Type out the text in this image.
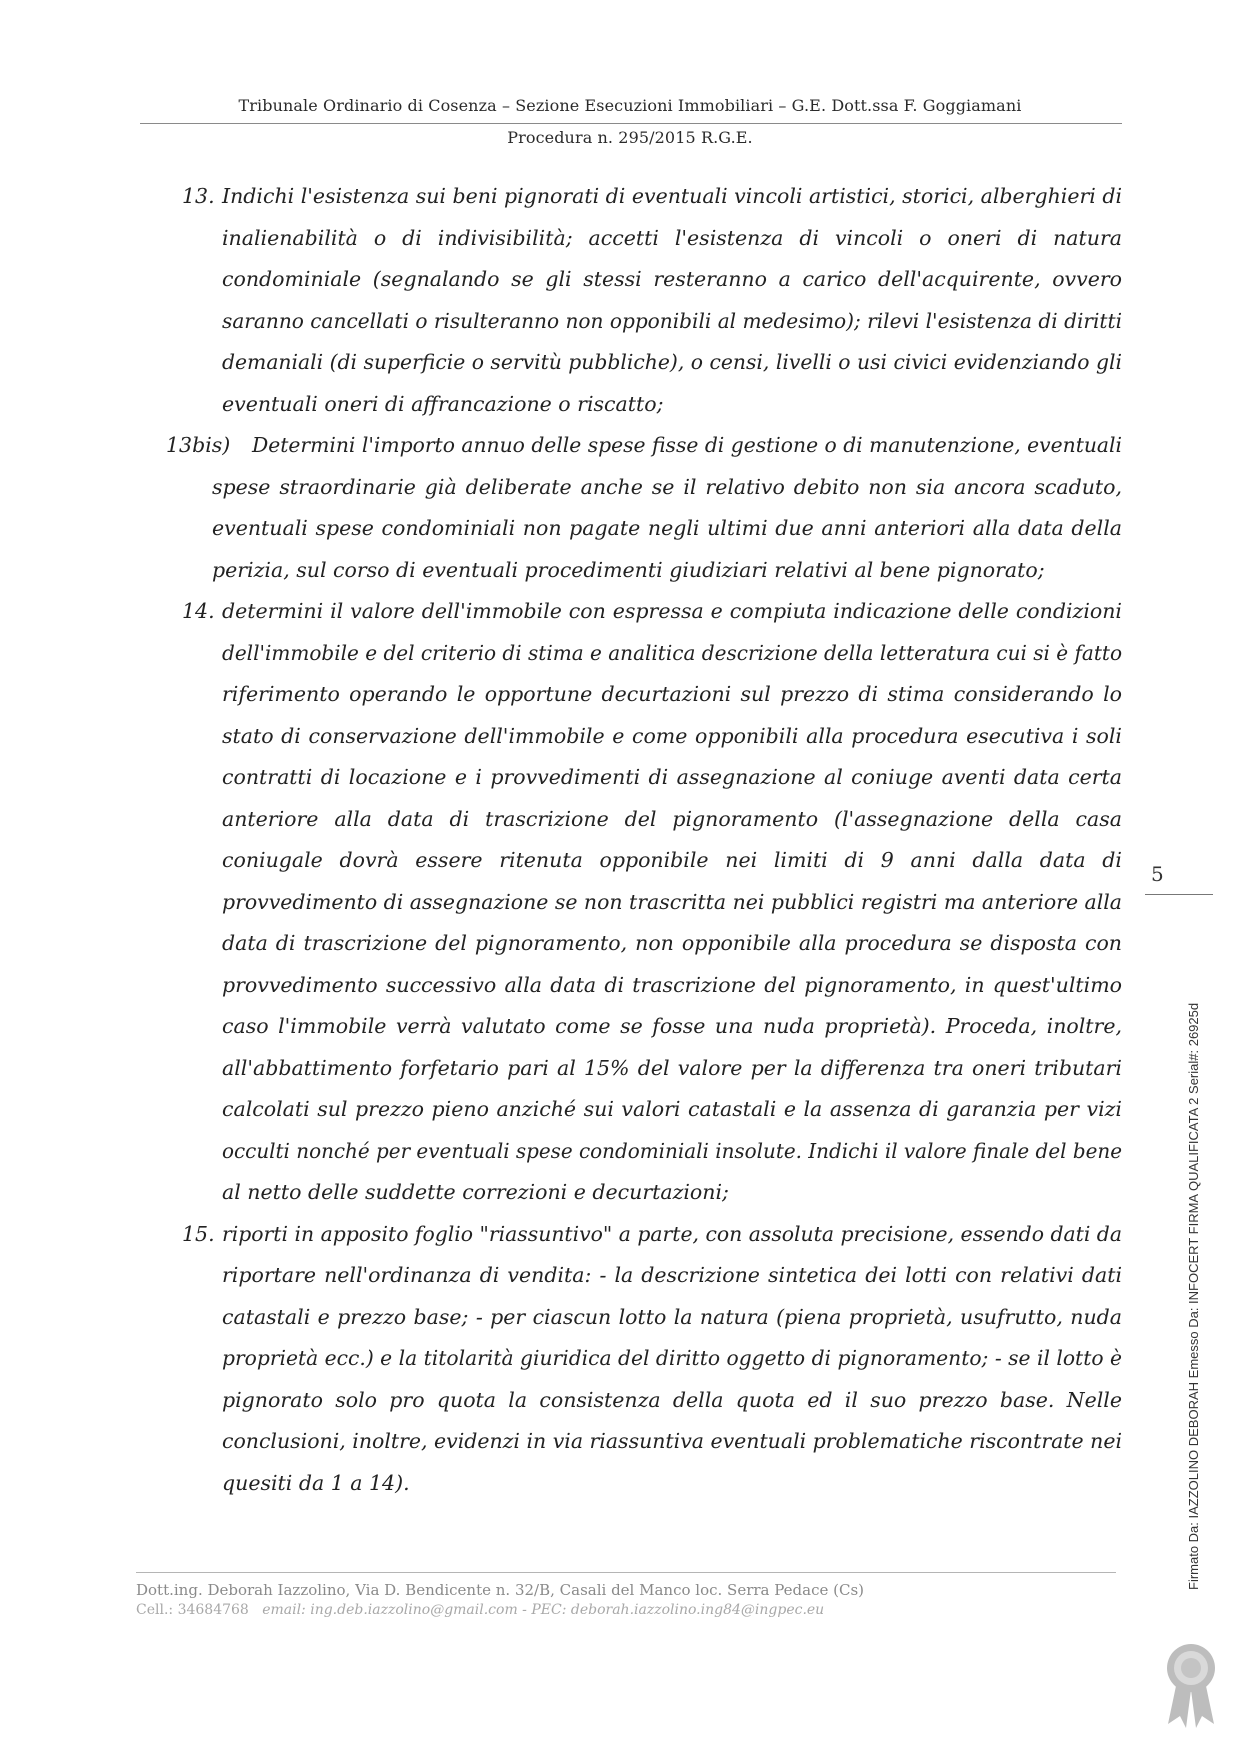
Tribunale Ordinario di Cosenza – Sezione Esecuzioni Immobiliari – G.E. Dott.ssa F. Goggiamani
Procedura n. 295/2015 R.G.E.
13. Indichi l'esistenza sui beni pignorati di eventuali vincoli artistici, storici, alberghieri di
inalienabilità o di indivisibilità; accetti l'esistenza di vincoli o oneri di natura
condominiale (segnalando se gli stessi resteranno a carico dell'acquirente, ovvero
saranno cancellati o risulteranno non opponibili al medesimo); rilevi l'esistenza di diritti
demaniali (di superficie o servitù pubbliche), o censi, livelli o usi civici evidenziando gli
eventuali oneri di affrancazione o riscatto;
13bis)	Determini l'importo annuo delle spese fisse di gestione o di manutenzione, eventuali
spese straordinarie già deliberate anche se il relativo debito non sia ancora scaduto,
eventuali spese condominiali non pagate negli ultimi due anni anteriori alla data della
perizia, sul corso di eventuali procedimenti giudiziari relativi al bene pignorato;
14. determini il valore dell'immobile con espressa e compiuta indicazione delle condizioni
dell'immobile e del criterio di stima e analitica descrizione della letteratura cui si è fatto
riferimento operando le opportune decurtazioni sul prezzo di stima considerando lo
stato di conservazione dell'immobile e come opponibili alla procedura esecutiva i soli
contratti di locazione e i provvedimenti di assegnazione al coniuge aventi data certa
anteriore alla data di trascrizione del pignoramento (l'assegnazione della casa
coniugale dovrà essere ritenuta opponibile nei limiti di 9 anni dalla data di
provvedimento di assegnazione se non trascritta nei pubblici registri ma anteriore alla
data di trascrizione del pignoramento, non opponibile alla procedura se disposta con
provvedimento successivo alla data di trascrizione del pignoramento, in quest'ultimo
caso l'immobile verrà valutato come se fosse una nuda proprietà). Proceda, inoltre,
all'abbattimento forfetario pari al 15% del valore per la differenza tra oneri tributari
calcolati sul prezzo pieno anziché sui valori catastali e la assenza di garanzia per vizi
occulti nonché per eventuali spese condominiali insolute. Indichi il valore finale del bene
al netto delle suddette correzioni e decurtazioni;
15. riporti in apposito foglio "riassuntivo" a parte, con assoluta precisione, essendo dati da
riportare nell'ordinanza di vendita: - la descrizione sintetica dei lotti con relativi dati
catastali e prezzo base; - per ciascun lotto la natura (piena proprietà, usufrutto, nuda
proprietà ecc.) e la titolarità giuridica del diritto oggetto di pignoramento; - se il lotto è
pignorato solo pro quota la consistenza della quota ed il suo prezzo base. Nelle
conclusioni, inoltre, evidenzi in via riassuntiva eventuali problematiche riscontrate nei
quesiti da 1 a 14).
5
Dott.ing. Deborah Iazzolino, Via D. Bendicente n. 32/B, Casali del Manco loc. Serra Pedace (Cs)
Cell.: 34684768 email: ing.deb.iazzolino@gmail.com - PEC: deborah.iazzolino.ing84@ingpec.eu
Firmato Da: IAZZOLINO DEBORAH Emesso Da: INFOCERT FIRMA QUALIFICATA 2 Serial#: 26925d
